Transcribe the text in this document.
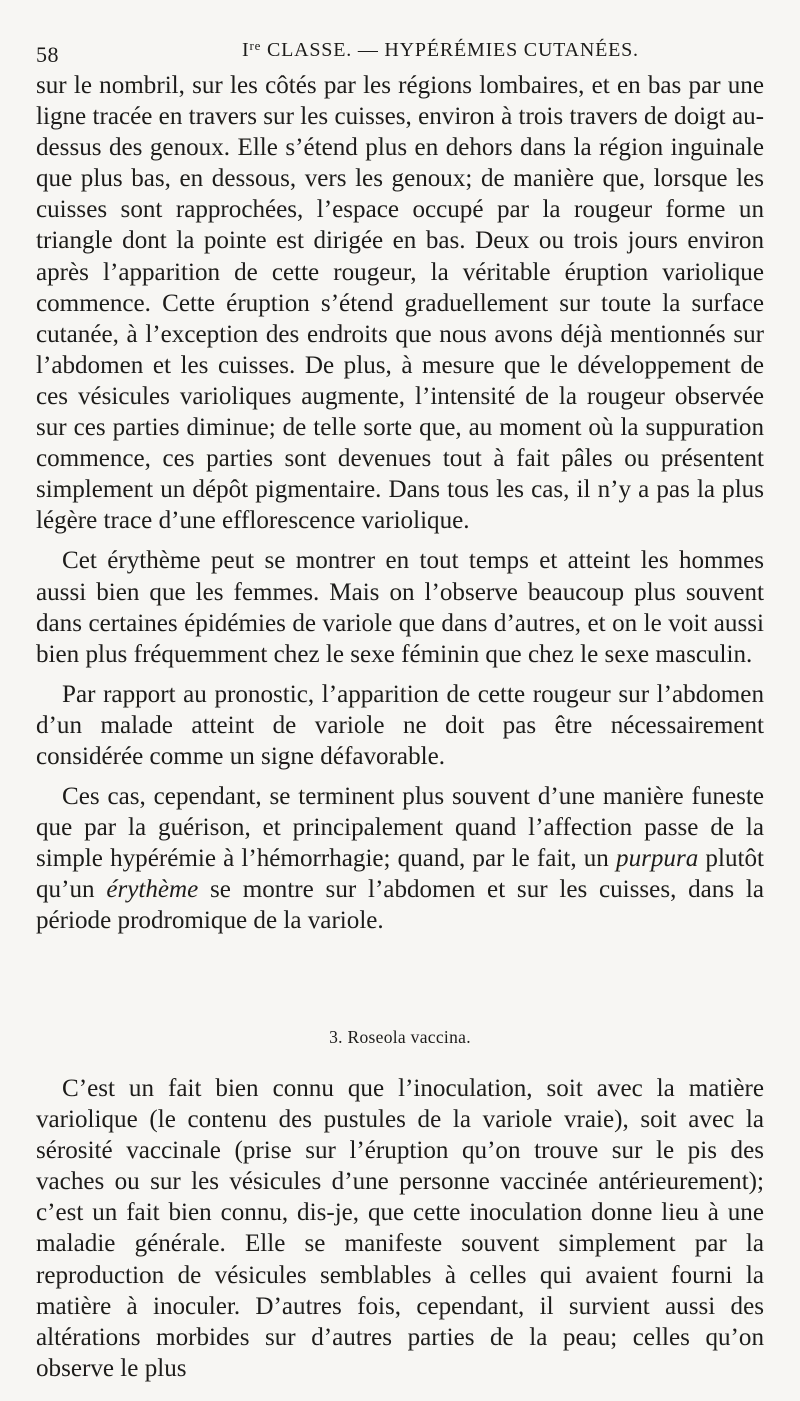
58	Ire CLASSE. — HYPÉRÉMIES CUTANÉES.

sur le nombril, sur les côtés par les régions lombaires, et en bas par une ligne tracée en travers sur les cuisses, environ à trois travers de doigt au-dessus des genoux. Elle s’étend plus en dehors dans la région inguinale que plus bas, en dessous, vers les genoux; de manière que, lorsque les cuisses sont rapprochées, l’espace occupé par la rougeur forme un triangle dont la pointe est dirigée en bas. Deux ou trois jours environ après l’apparition de cette rougeur, la véritable éruption variolique commence. Cette éruption s’étend graduellement sur toute la surface cutanée, à l’exception des endroits que nous avons déjà mentionnés sur l’abdomen et les cuisses. De plus, à mesure que le développement de ces vésicules varioliques augmente, l’intensité de la rougeur observée sur ces parties diminue; de telle sorte que, au moment où la suppuration commence, ces parties sont devenues tout à fait pâles ou présentent simplement un dépôt pigmentaire. Dans tous les cas, il n’y a pas la plus légère trace d’une efflorescence variolique.

Cet érythème peut se montrer en tout temps et atteint les hommes aussi bien que les femmes. Mais on l’observe beaucoup plus souvent dans certaines épidémies de variole que dans d’autres, et on le voit aussi bien plus fréquemment chez le sexe féminin que chez le sexe masculin.

Par rapport au pronostic, l’apparition de cette rougeur sur l’abdomen d’un malade atteint de variole ne doit pas être nécessairement considérée comme un signe défavorable.

Ces cas, cependant, se terminent plus souvent d’une manière funeste que par la guérison, et principalement quand l’affection passe de la simple hypérémie à l’hémorrhagie; quand, par le fait, un purpura plutôt qu’un érythème se montre sur l’abdomen et sur les cuisses, dans la période prodromique de la variole.

3. Roseola vaccina.

C’est un fait bien connu que l’inoculation, soit avec la matière variolique (le contenu des pustules de la variole vraie), soit avec la sérosité vaccinale (prise sur l’éruption qu’on trouve sur le pis des vaches ou sur les vésicules d’une personne vaccinée antérieurement); c’est un fait bien connu, dis-je, que cette inoculation donne lieu à une maladie générale. Elle se manifeste souvent simplement par la reproduction de vésicules semblables à celles qui avaient fourni la matière à inoculer. D’autres fois, cependant, il survient aussi des altérations morbides sur d’autres parties de la peau; celles qu’on observe le plus
